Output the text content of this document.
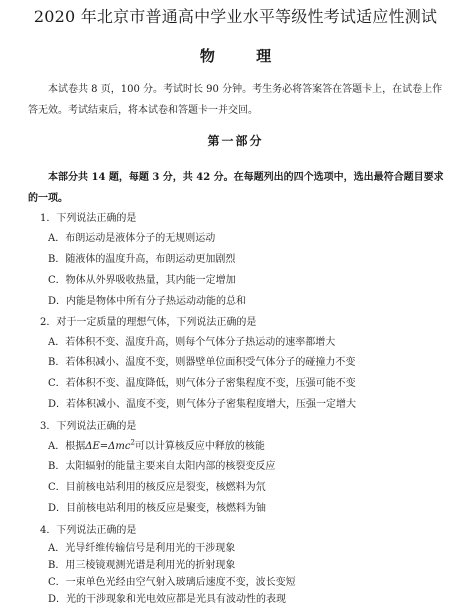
2020 年北京市普通高中学业水平等级性考试适应性测试
物 理
本试卷共 8 页，100 分。考试时长 90 分钟。考生务必将答案答在答题卡上，在试卷上作
答无效。考试结束后，将本试卷和答题卡一并交回。
第一部分
本部分共 14 题，每题 3 分，共 42 分。在每题列出的四个选项中，选出最符合题目要求
的一项。
1．下列说法正确的是
A．布朗运动是液体分子的无规则运动
B．随液体的温度升高，布朗运动更加剧烈
C．物体从外界吸收热量，其内能一定增加
D．内能是物体中所有分子热运动动能的总和
2．对于一定质量的理想气体，下列说法正确的是
A．若体积不变、温度升高，则每个气体分子热运动的速率都增大
B．若体积减小、温度不变，则器壁单位面积受气体分子的碰撞力不变
C．若体积不变、温度降低，则气体分子密集程度不变，压强可能不变
D．若体积减小、温度不变，则气体分子密集程度增大，压强一定增大
3．下列说法正确的是
A．根据ΔE=Δmc$^2$可以计算核反应中释放的核能
B．太阳辐射的能量主要来自太阳内部的核裂变反应
C．目前核电站利用的核反应是裂变，核燃料为氘
D．目前核电站利用的核反应是聚变，核燃料为铀
4．下列说法正确的是
A．光导纤维传输信号是利用光的干涉现象
B．用三棱镜观测光谱是利用光的折射现象
C．一束单色光经由空气射入玻璃后速度不变，波长变短
D．光的干涉现象和光电效应都是光具有波动性的表现
